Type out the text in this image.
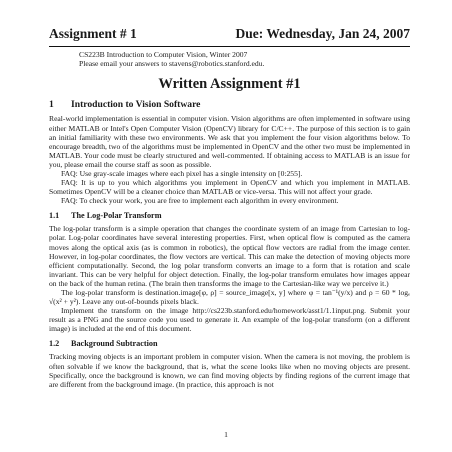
Assignment # 1	Due: Wednesday, Jan 24, 2007
CS223B Introduction to Computer Vision, Winter 2007
Please email your answers to stavens@robotics.stanford.edu.
Written Assignment #1
1 Introduction to Vision Software
Real-world implementation is essential in computer vision. Vision algorithms are often implemented in software using either MATLAB or Intel's Open Computer Vision (OpenCV) library for C/C++. The purpose of this section is to gain an initial familiarity with these two environments. We ask that you implement the four vision algorithms below. To encourage breadth, two of the algorithms must be implemented in OpenCV and the other two must be implemented in MATLAB. Your code must be clearly structured and well-commented. If obtaining access to MATLAB is an issue for you, please email the course staff as soon as possible.
FAQ: Use gray-scale images where each pixel has a single intensity on [0:255].
FAQ: It is up to you which algorithms you implement in OpenCV and which you implement in MATLAB. Sometimes OpenCV will be a cleaner choice than MATLAB or vice-versa. This will not affect your grade.
FAQ: To check your work, you are free to implement each algorithm in every environment.
1.1 The Log-Polar Transform
The log-polar transform is a simple operation that changes the coordinate system of an image from Cartesian to log-polar. Log-polar coordinates have several interesting properties. First, when optical flow is computed as the camera moves along the optical axis (as is common in robotics), the optical flow vectors are radial from the image center. However, in log-polar coordinates, the flow vectors are vertical. This can make the detection of moving objects more efficient computationally. Second, the log polar transform converts an image to a form that is rotation and scale invariant. This can be very helpful for object detection. Finally, the log-polar transform emulates how images appear on the back of the human retina. (The brain then transforms the image to the Cartesian-like way we perceive it.)
The log-polar transform is destination.image[φ, ρ] = source_image[x, y] where φ = tan⁻¹(y/x) and ρ = 60 * logₑ √(x² + y²). Leave any out-of-bounds pixels black.
Implement the transform on the image http://cs223b.stanford.edu/homework/asst1/1.1input.png. Submit your result as a PNG and the source code you used to generate it. An example of the log-polar transform (on a different image) is included at the end of this document.
1.2 Background Subtraction
Tracking moving objects is an important problem in computer vision. When the camera is not moving, the problem is often solvable if we know the background, that is, what the scene looks like when no moving objects are present. Specifically, once the background is known, we can find moving objects by finding regions of the current image that are different from the background image. (In practice, this approach is not
1
